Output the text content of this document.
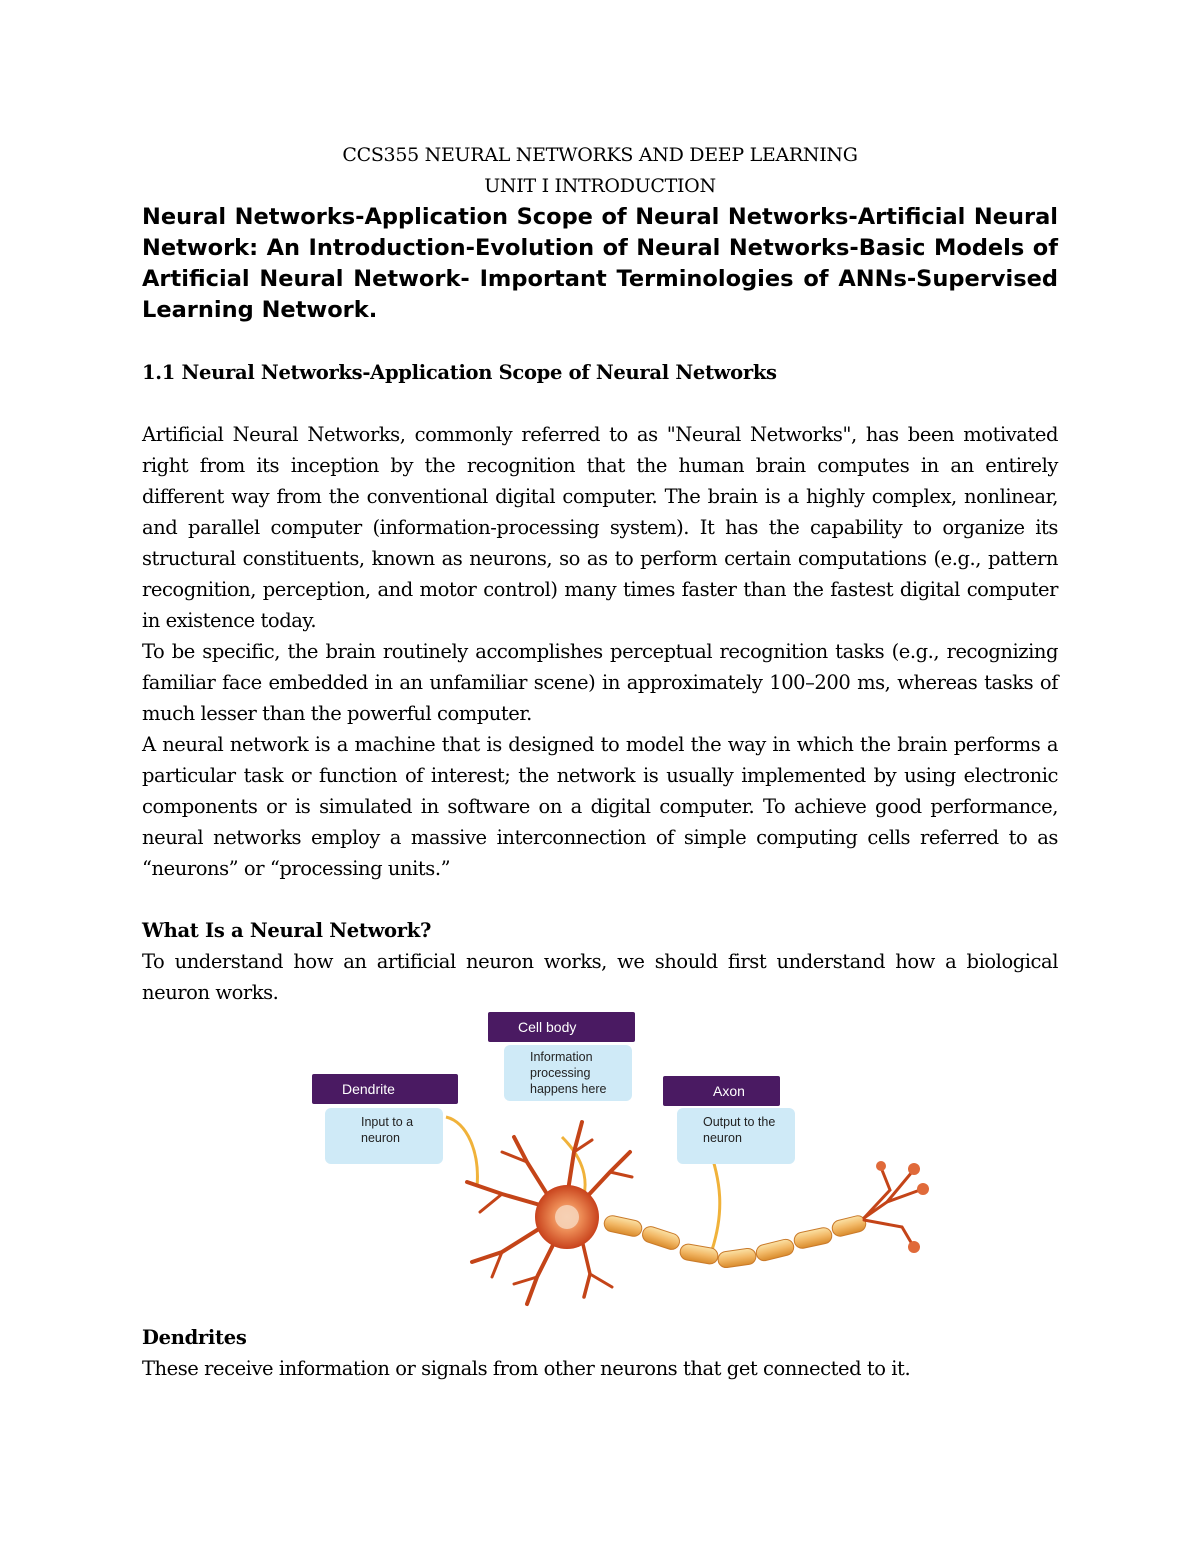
CCS355 NEURAL NETWORKS AND DEEP LEARNING
UNIT I INTRODUCTION

Neural Networks-Application Scope of Neural Networks-Artificial Neural Network: An Introduction-Evolution of Neural Networks-Basic Models of Artificial Neural Network- Important Terminologies of ANNs-Supervised Learning Network.

1.1 Neural Networks-Application Scope of Neural Networks

Artificial Neural Networks, commonly referred to as "Neural Networks", has been motivated right from its inception by the recognition that the human brain computes in an entirely different way from the conventional digital computer. The brain is a highly complex, nonlinear, and parallel computer (information-processing system). It has the capability to organize its structural constituents, known as neurons, so as to perform certain computations (e.g., pattern recognition, perception, and motor control) many times faster than the fastest digital computer in existence today.

To be specific, the brain routinely accomplishes perceptual recognition tasks (e.g., recognizing familiar face embedded in an unfamiliar scene) in approximately 100–200 ms, whereas tasks of much lesser than the powerful computer.

A neural network is a machine that is designed to model the way in which the brain performs a particular task or function of interest; the network is usually implemented by using electronic components or is simulated in software on a digital computer. To achieve good performance, neural networks employ a massive interconnection of simple computing cells referred to as “neurons” or “processing units.”

What Is a Neural Network?

To understand how an artificial neuron works, we should first understand how a biological neuron works.

Cell body
Information processing happens here
Dendrite
Input to a neuron
Axon
Output to the neuron

Dendrites

These receive information or signals from other neurons that get connected to it.
